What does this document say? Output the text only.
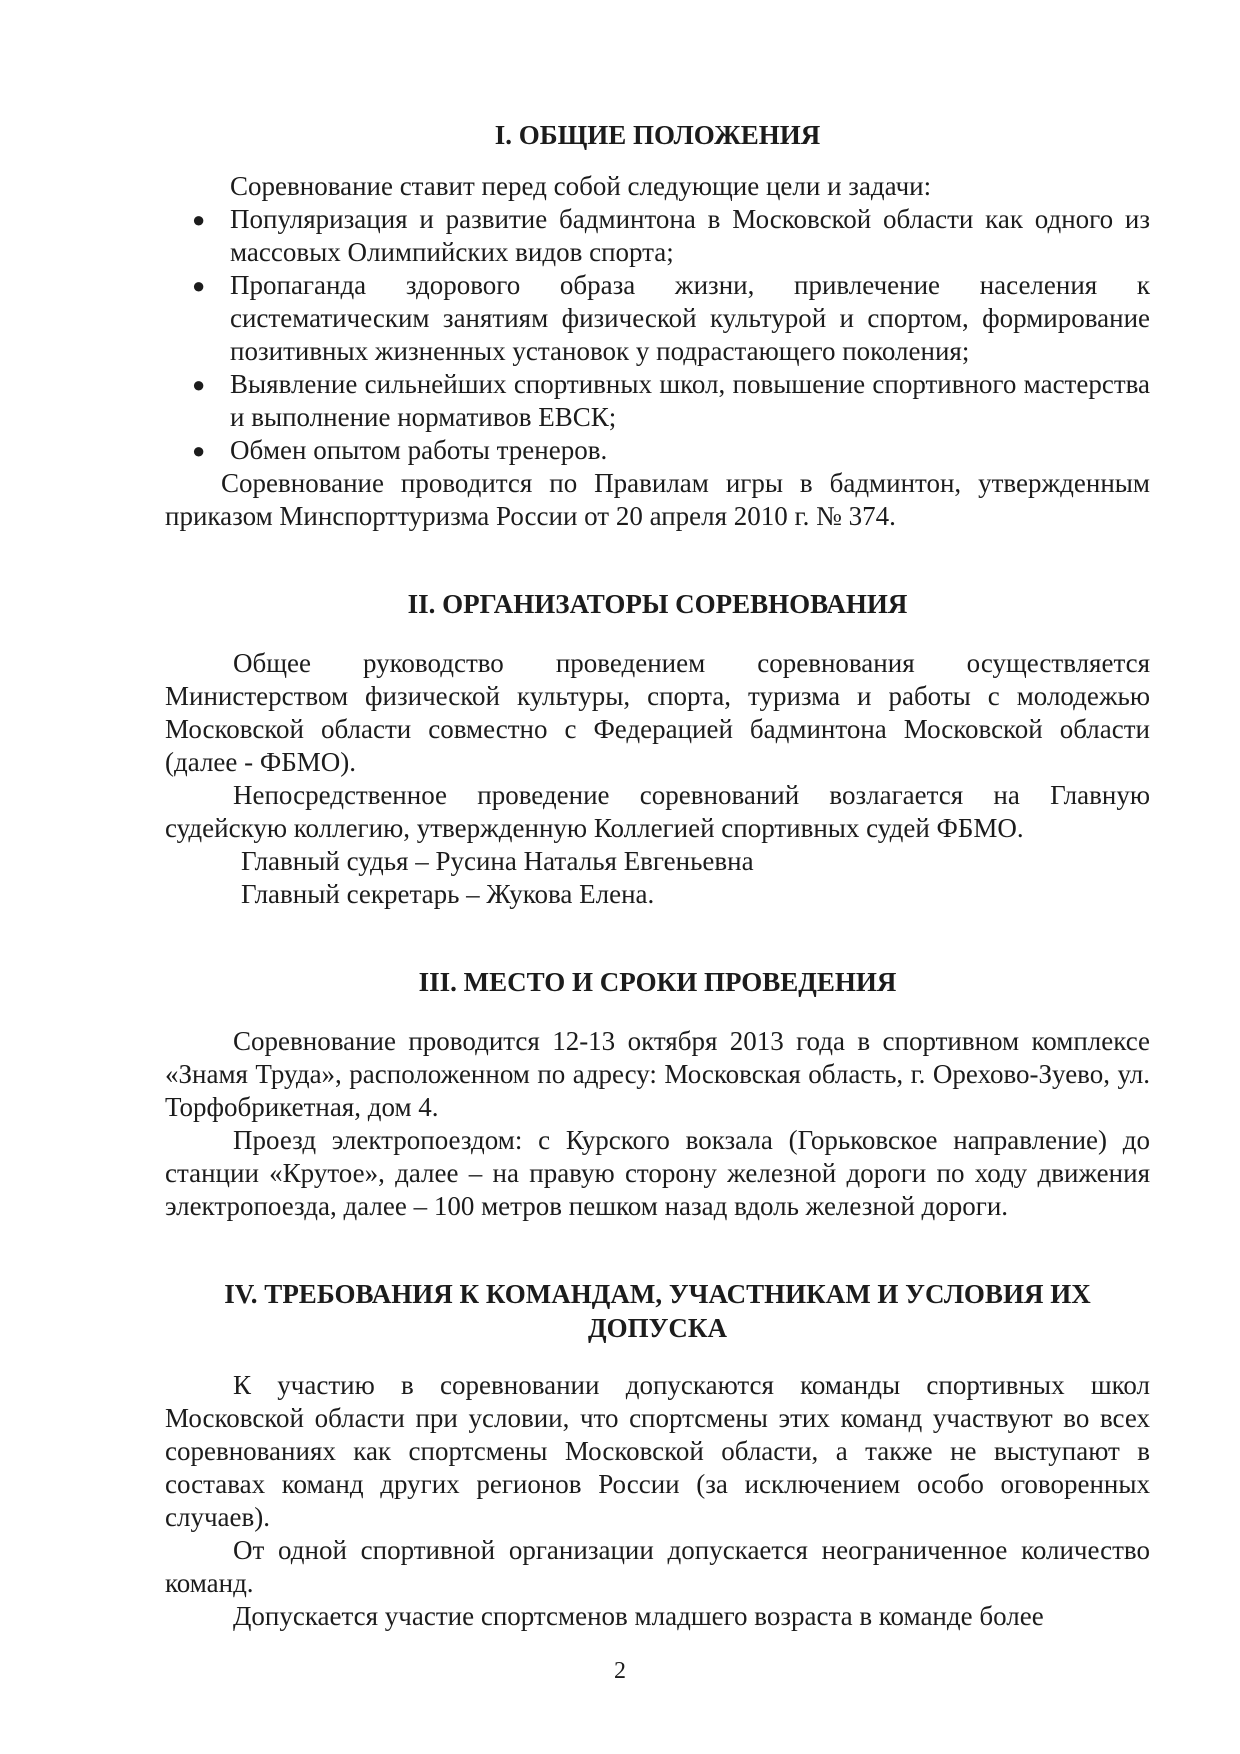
I. ОБЩИЕ ПОЛОЖЕНИЯ

Соревнование ставит перед собой следующие цели и задачи:

● Популяризация и развитие бадминтона в Московской области как одного из массовых Олимпийских видов спорта;
● Пропаганда здорового образа жизни, привлечение населения к систематическим занятиям физической культурой и спортом, формирование позитивных жизненных установок у подрастающего поколения;
● Выявление сильнейших спортивных школ, повышение спортивного мастерства и выполнение нормативов ЕВСК;
● Обмен опытом работы тренеров.

Соревнование проводится по Правилам игры в бадминтон, утвержденным приказом Минспорттуризма России от 20 апреля 2010 г. № 374.

II. ОРГАНИЗАТОРЫ СОРЕВНОВАНИЯ

Общее руководство проведением соревнования осуществляется Министерством физической культуры, спорта, туризма и работы с молодежью Московской области совместно с Федерацией бадминтона Московской области (далее - ФБМО).

Непосредственное проведение соревнований возлагается на Главную судейскую коллегию, утвержденную Коллегией спортивных судей ФБМО.

Главный судья – Русина Наталья Евгеньевна

Главный секретарь – Жукова Елена.

III. МЕСТО И СРОКИ ПРОВЕДЕНИЯ

Соревнование проводится 12-13 октября 2013 года в спортивном комплексе «Знамя Труда», расположенном по адресу: Московская область, г. Орехово-Зуево, ул. Торфобрикетная, дом 4.

Проезд электропоездом: с Курского вокзала (Горьковское направление) до станции «Крутое», далее – на правую сторону железной дороги по ходу движения электропоезда, далее – 100 метров пешком назад вдоль железной дороги.

IV. ТРЕБОВАНИЯ К КОМАНДАМ, УЧАСТНИКАМ И УСЛОВИЯ ИХ ДОПУСКА

К участию в соревновании допускаются команды спортивных школ Московской области при условии, что спортсмены этих команд участвуют во всех соревнованиях как спортсмены Московской области, а также не выступают в составах команд других регионов России (за исключением особо оговоренных случаев).

От одной спортивной организации допускается неограниченное количество команд.

Допускается участие спортсменов младшего возраста в команде более

2
